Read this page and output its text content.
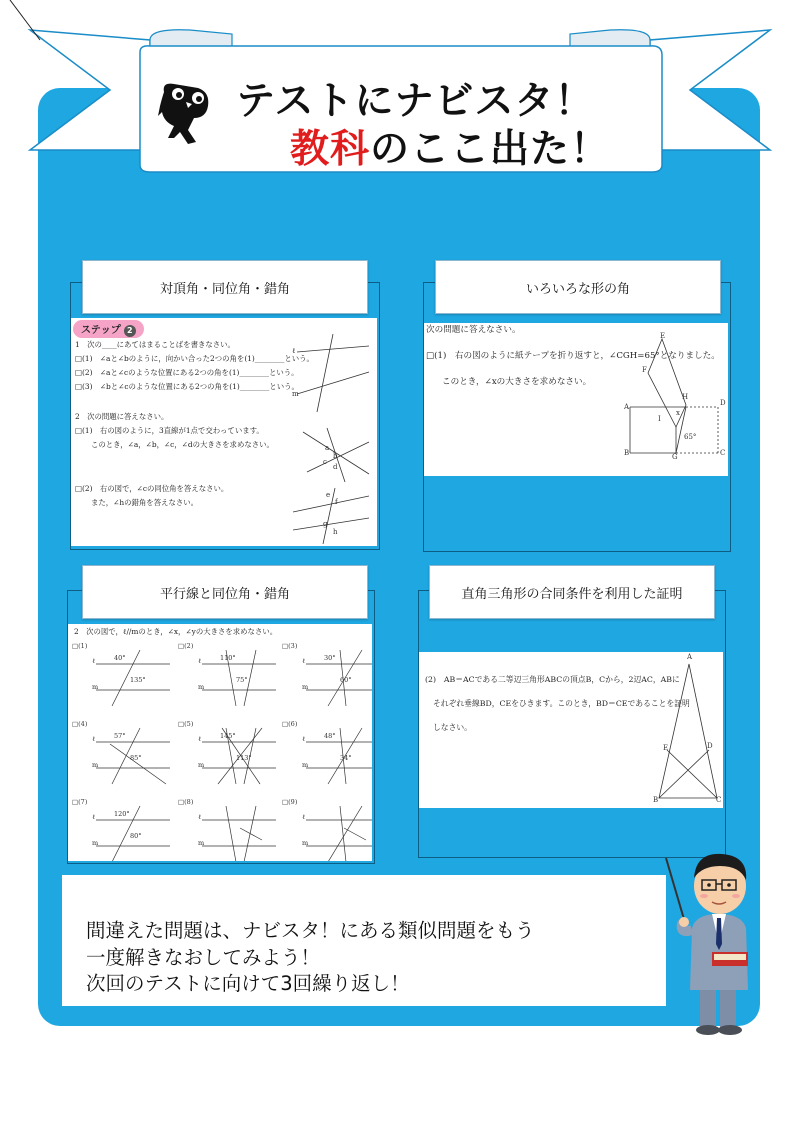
テストにナビスタ！
教科のここ出た！
対頂角・同位角・錯角
ステップ 2
1　次の____にあてはまることばを書きなさい。
□(1)　∠aと∠bのように，向かい合った2つの角を(1)________という。
□(2)　∠aと∠cのような位置にある2つの角を(1)________という。
□(3)　∠bと∠cのような位置にある2つの角を(1)________という。
2　次の問題に答えなさい。
□(1)　右の図のように，3直線が1点で交わっています。
このとき，∠a，∠b，∠c，∠dの大きさを求めなさい。
□(2)　右の図で，∠cの同位角を答えなさい。
また，∠hの錯角を答えなさい。
ℓ
m
a
b
c
d
e
f
g
h
いろいろな形の角
次の問題に答えなさい。
□(1)　右の図のように紙テープを折り返すと，∠CGH=65°となりました。
このとき，∠xの大きさを求めなさい。
E
F
A	D
I
H
B	G	C
x
65°
平行線と同位角・錯角
2　次の図で，ℓ//mのとき，∠x，∠yの大きさを求めなさい。
□(1)
40°
135°
ℓ
m
□(2)
110°
75°
ℓ
m
□(3)
30°
60°
ℓ
m
□(4)
57°
85°
ℓ
m
□(5)
145°
113°
ℓ
m
□(6)
48°
34°
ℓ
m
□(7)
120°
80°
ℓ
m
□(8)
ℓ
m
□(9)
ℓ
m
直角三角形の合同条件を利用した証明
(2)　AB＝ACである二等辺三角形ABCの頂点B，Cから，2辺AC，ABに
それぞれ垂線BD，CEをひきます。このとき，BD＝CEであることを証明
しなさい。
A
E	D
B	C
間違えた問題は、ナビスタ！にある類似問題をもう
一度解きなおしてみよう！
次回のテストに向けて3回繰り返し！
